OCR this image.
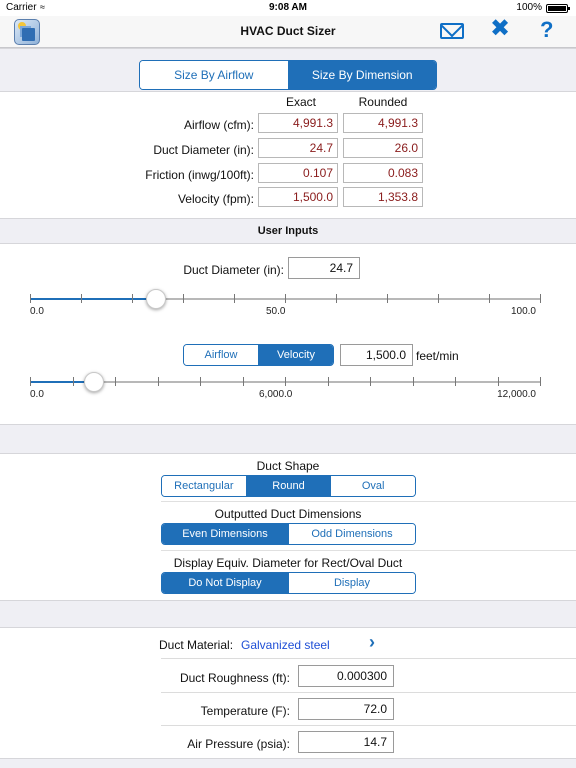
Carrier ≈	9:08 AM	100%
HVAC Duct Sizer	✖ ?
Size By Airflow	Size By Dimension
Exact	Rounded
Airflow (cfm):	4,991.3	4,991.3
Duct Diameter (in):	24.7	26.0
Friction (inwg/100ft):	0.107	0.083
Velocity (fpm):	1,500.0	1,353.8
User Inputs
Duct Diameter (in):	24.7
0.0	50.0	100.0
Airflow	Velocity	1,500.0 feet/min
0.0	6,000.0	12,000.0
Duct Shape
Rectangular	Round	Oval
Outputted Duct Dimensions
Even Dimensions	Odd Dimensions
Display Equiv. Diameter for Rect/Oval Duct
Do Not Display	Display
Duct Material: Galvanized steel ›
Duct Roughness (ft):	0.000300
Temperature (F):	72.0
Air Pressure (psia):	14.7
